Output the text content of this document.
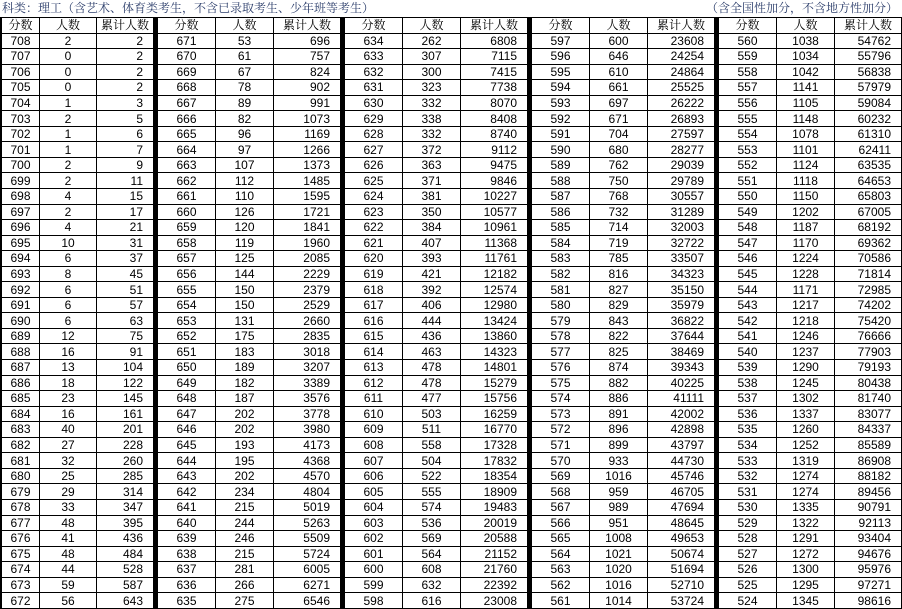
科类：理工（含艺术、体育类考生，不含已录取考生、少年班等考生）	（含全国性加分，不含地方性加分）
分数	人数	累计人数
708	2	2
707	0	2
706	0	2
705	0	2
704	1	3
703	2	5
702	1	6
701	1	7
700	2	9
699	2	11
698	4	15
697	2	17
696	4	21
695	10	31
694	6	37
693	8	45
692	6	51
691	6	57
690	6	63
689	12	75
688	16	91
687	13	104
686	18	122
685	23	145
684	16	161
683	40	201
682	27	228
681	32	260
680	25	285
679	29	314
678	33	347
677	48	395
676	41	436
675	48	484
674	44	528
673	59	587
672	56	643
分数	人数	累计人数
671	53	696
670	61	757
669	67	824
668	78	902
667	89	991
666	82	1073
665	96	1169
664	97	1266
663	107	1373
662	112	1485
661	110	1595
660	126	1721
659	120	1841
658	119	1960
657	125	2085
656	144	2229
655	150	2379
654	150	2529
653	131	2660
652	175	2835
651	183	3018
650	189	3207
649	182	3389
648	187	3576
647	202	3778
646	202	3980
645	193	4173
644	195	4368
643	202	4570
642	234	4804
641	215	5019
640	244	5263
639	246	5509
638	215	5724
637	281	6005
636	266	6271
635	275	6546
分数	人数	累计人数
634	262	6808
633	307	7115
632	300	7415
631	323	7738
630	332	8070
629	338	8408
628	332	8740
627	372	9112
626	363	9475
625	371	9846
624	381	10227
623	350	10577
622	384	10961
621	407	11368
620	393	11761
619	421	12182
618	392	12574
617	406	12980
616	444	13424
615	436	13860
614	463	14323
613	478	14801
612	478	15279
611	477	15756
610	503	16259
609	511	16770
608	558	17328
607	504	17832
606	522	18354
605	555	18909
604	574	19483
603	536	20019
602	569	20588
601	564	21152
600	608	21760
599	632	22392
598	616	23008
分数	人数	累计人数
597	600	23608
596	646	24254
595	610	24864
594	661	25525
593	697	26222
592	671	26893
591	704	27597
590	680	28277
589	762	29039
588	750	29789
587	768	30557
586	732	31289
585	714	32003
584	719	32722
583	785	33507
582	816	34323
581	827	35150
580	829	35979
579	843	36822
578	822	37644
577	825	38469
576	874	39343
575	882	40225
574	886	41111
573	891	42002
572	896	42898
571	899	43797
570	933	44730
569	1016	45746
568	959	46705
567	989	47694
566	951	48645
565	1008	49653
564	1021	50674
563	1020	51694
562	1016	52710
561	1014	53724
分数	人数	累计人数
560	1038	54762
559	1034	55796
558	1042	56838
557	1141	57979
556	1105	59084
555	1148	60232
554	1078	61310
553	1101	62411
552	1124	63535
551	1118	64653
550	1150	65803
549	1202	67005
548	1187	68192
547	1170	69362
546	1224	70586
545	1228	71814
544	1171	72985
543	1217	74202
542	1218	75420
541	1246	76666
540	1237	77903
539	1290	79193
538	1245	80438
537	1302	81740
536	1337	83077
535	1260	84337
534	1252	85589
533	1319	86908
532	1274	88182
531	1274	89456
530	1335	90791
529	1322	92113
528	1291	93404
527	1272	94676
526	1300	95976
525	1295	97271
524	1345	98616
